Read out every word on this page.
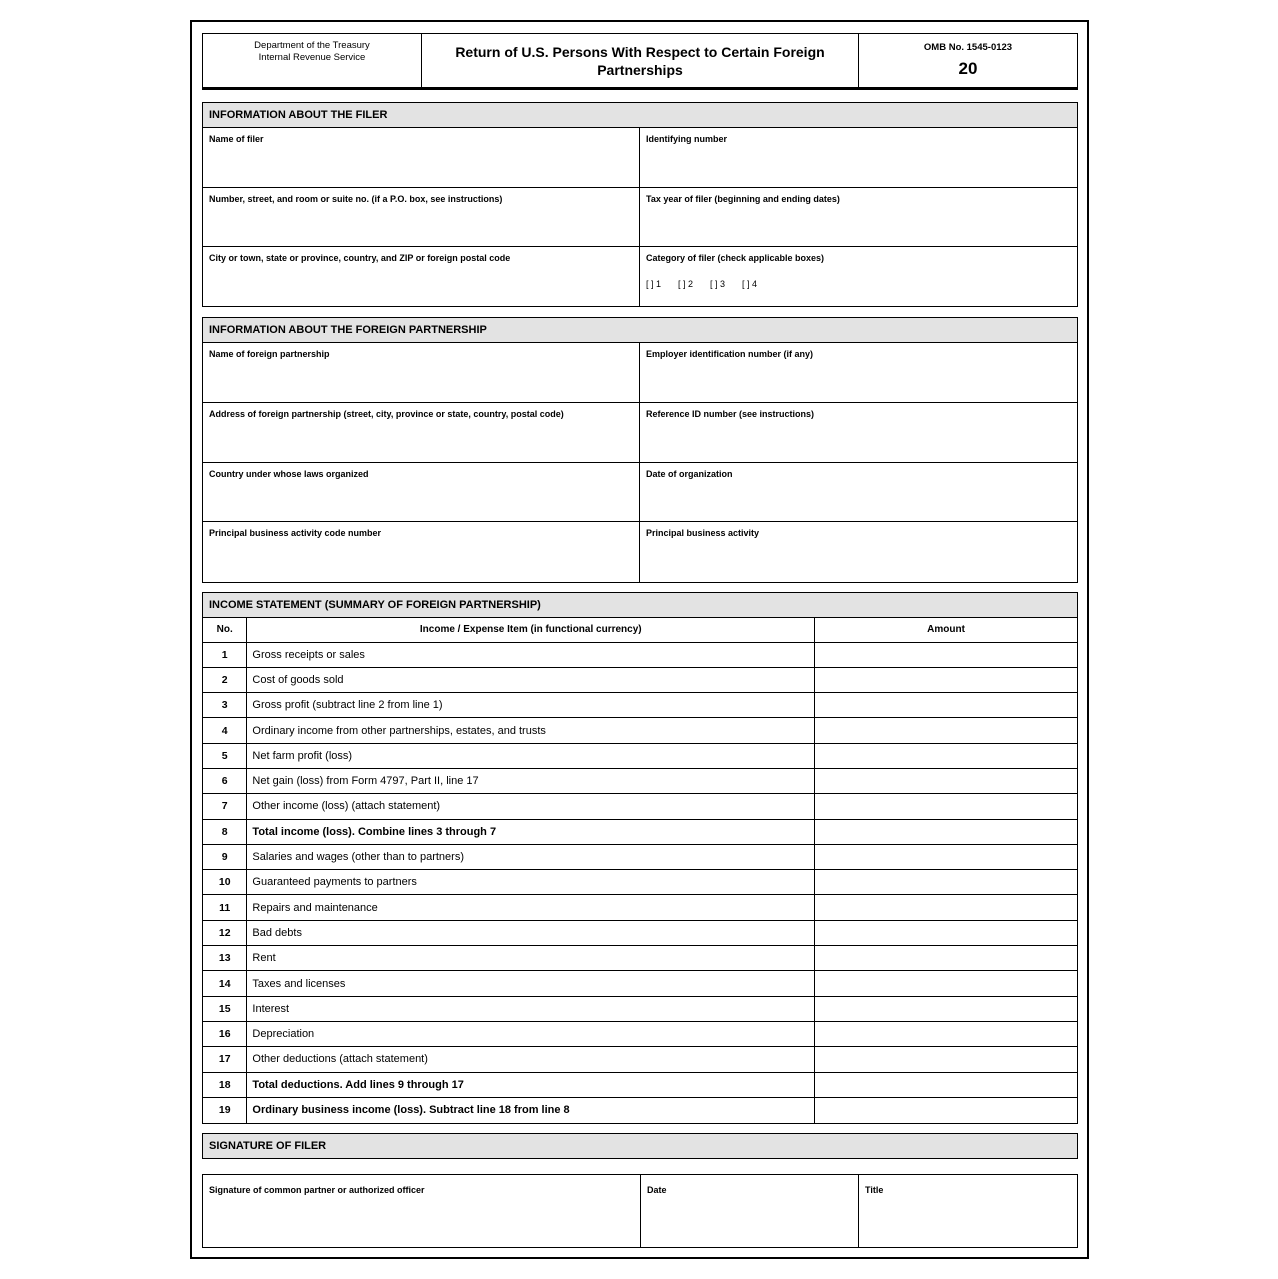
Department of the Treasury
Internal Revenue Service	Return of U.S. Persons With Respect to Certain Foreign Partnerships
OMB No. 1545-0123
20
INFORMATION ABOUT THE FILER
Name of filer	Identifying number
Number, street, and room or suite no. (if a P.O. box, see instructions)	Tax year of filer (beginning and ending dates)
City or town, state or province, country, and ZIP or foreign postal code	Category of filer (check applicable boxes)
[ ] 1 [ ] 2 [ ] 3 [ ] 4
INFORMATION ABOUT THE FOREIGN PARTNERSHIP
Name of foreign partnership	Employer identification number (if any)
Address of foreign partnership (street, city, province or state, country, postal code)	Reference ID number (see instructions)
Country under whose laws organized	Date of organization
Principal business activity code number	Principal business activity
INCOME STATEMENT (SUMMARY OF FOREIGN PARTNERSHIP)
No.	Income / Expense Item (in functional currency)	Amount
1	Gross receipts or sales	
2	Cost of goods sold	
3	Gross profit (subtract line 2 from line 1)	
4	Ordinary income from other partnerships, estates, and trusts	
5	Net farm profit (loss)	
6	Net gain (loss) from Form 4797, Part II, line 17	
7	Other income (loss) (attach statement)	
8	Total income (loss). Combine lines 3 through 7	
9	Salaries and wages (other than to partners)	
10	Guaranteed payments to partners	
11	Repairs and maintenance	
12	Bad debts	
13	Rent	
14	Taxes and licenses	
15	Interest	
16	Depreciation	
17	Other deductions (attach statement)	
18	Total deductions. Add lines 9 through 17	
19	Ordinary business income (loss). Subtract line 18 from line 8	
SIGNATURE OF FILER
Signature of common partner or authorized officer	Date	Title
